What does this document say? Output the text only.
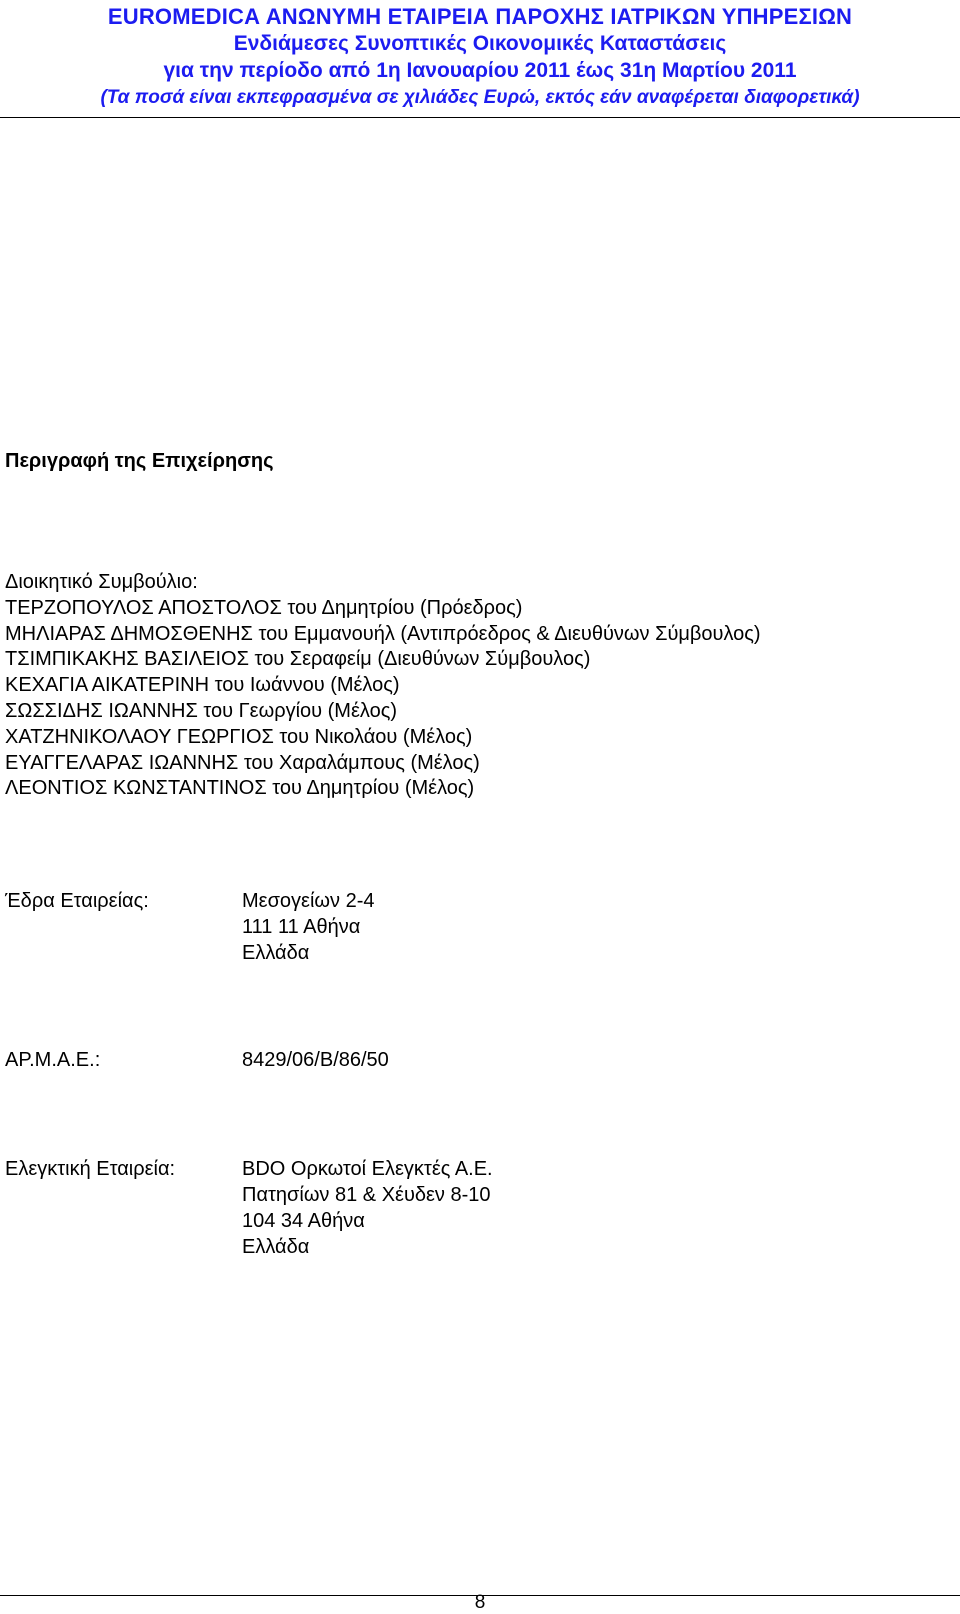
EUROMEDICA ΑΝΩΝΥΜΗ ΕΤΑΙΡΕΙΑ ΠΑΡΟΧΗΣ ΙΑΤΡΙΚΩΝ ΥΠΗΡΕΣΙΩΝ
Ενδιάμεσες Συνοπτικές Οικονομικές Καταστάσεις
για την περίοδο από 1η Ιανουαρίου 2011 έως 31η Μαρτίου 2011
(Τα ποσά είναι εκπεφρασμένα σε χιλιάδες Ευρώ, εκτός εάν αναφέρεται διαφορετικά)
Περιγραφή της Επιχείρησης
Διοικητικό Συμβούλιο:
ΤΕΡΖΟΠΟΥΛΟΣ ΑΠΟΣΤΟΛΟΣ του Δημητρίου (Πρόεδρος)
ΜΗΛΙΑΡΑΣ ΔΗΜΟΣΘΕΝΗΣ του Εμμανουήλ (Αντιπρόεδρος & Διευθύνων Σύμβουλος)
ΤΣΙΜΠΙΚΑΚΗΣ ΒΑΣΙΛΕΙΟΣ του Σεραφείμ (Διευθύνων Σύμβουλος)
ΚΕΧΑΓΙΑ ΑΙΚΑΤΕΡΙΝΗ του Ιωάννου (Μέλος)
ΣΩΣΣΙΔΗΣ ΙΩΑΝΝΗΣ του Γεωργίου (Μέλος)
ΧΑΤΖΗΝΙΚΟΛΑΟΥ ΓΕΩΡΓΙΟΣ του Νικολάου (Μέλος)
ΕΥΑΓΓΕΛΑΡΑΣ ΙΩΑΝΝΗΣ του Χαραλάμπους (Μέλος)
ΛΕΟΝΤΙΟΣ ΚΩΝΣΤΑΝΤΙΝΟΣ του Δημητρίου (Μέλος)
Έδρα Εταιρείας:	Μεσογείων 2-4
111 11 Αθήνα
Ελλάδα
ΑΡ.Μ.Α.Ε.:	8429/06/Β/86/50
Ελεγκτική Εταιρεία:	BDO Ορκωτοί Ελεγκτές Α.Ε.
Πατησίων 81 & Χέυδεν 8-10
104 34 Αθήνα
Ελλάδα
8
